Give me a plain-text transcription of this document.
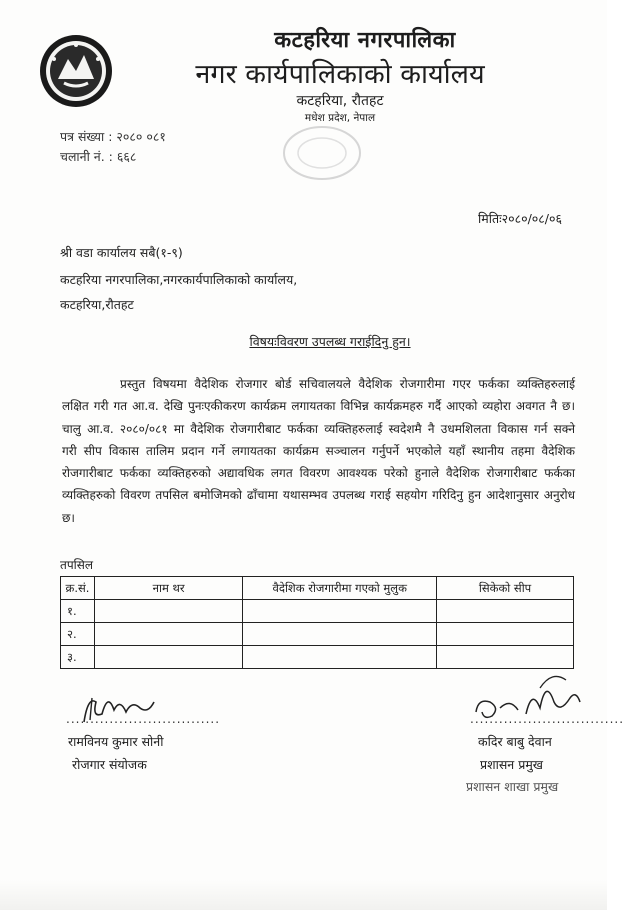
कटहरिया नगरपालिका
नगर कार्यपालिकाको कार्यालय
कटहरिया, रौतहट
मधेश प्रदेश, नेपाल
पत्र संख्या : २०८० ०८१
चलानी नं. : ६६८
मितिः२०८०/०८/०६
श्री वडा कार्यालय सबै(१-९)
कटहरिया नगरपालिका,नगरकार्यपालिकाको कार्यालय,
कटहरिया,रौतहट
विषयःविवरण उपलब्ध गराईदिनु हुन।
प्रस्तुत विषयमा वैदेशिक रोजगार बोर्ड सचिवालयले वैदेशिक रोजगारीमा गएर फर्कका व्यक्तिहरुलाई लक्षित गरी गत आ.व. देखि पुनःएकीकरण कार्यक्रम लगायतका विभिन्न कार्यक्रमहरु गर्दै आएको व्यहोरा अवगत नै छ।चालु आ.व. २०८०/०८१ मा वैदेशिक रोजगारीबाट फर्कका व्यक्तिहरुलाई स्वदेशमै नै उधमशिलता विकास गर्न सक्ने गरी सीप विकास तालिम प्रदान गर्ने लगायतका कार्यक्रम सञ्चालन गर्नुपर्ने भएकोले यहाँ स्थानीय तहमा वैदेशिक रोजगारीबाट फर्कका व्यक्तिहरुको अद्यावधिक लगत विवरण आवश्यक परेको हुनाले वैदेशिक रोजगारीबाट फर्कका व्यक्तिहरुको विवरण तपसिल बमोजिमको ढाँचामा यथासम्भव उपलब्ध गराई सहयोग गरिदिनु हुन आदेशानुसार अनुरोध छ।
तपसिल
क्र.सं.	नाम थर	वैदेशिक रोजगारीमा गएको मुलुक	सिकेको सीप
१.			
२.			
३.			
................................
रामविनय कुमार सोनी
रोजगार संयोजक
................................
कदिर बाबु देवान
प्रशासन प्रमुख
प्रशासन शाखा प्रमुख
